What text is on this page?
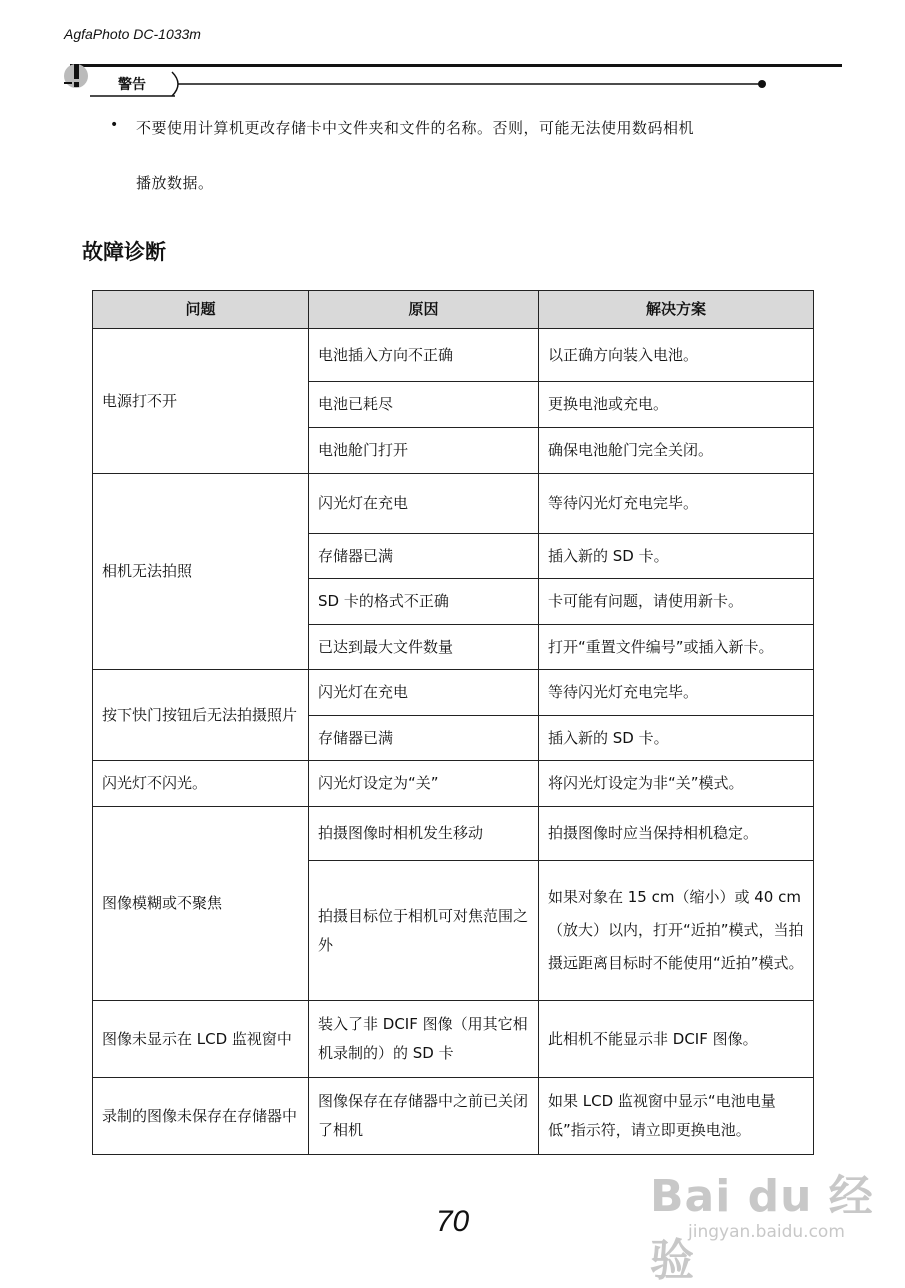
AgfaPhoto DC-1033m
警告
• 不要使用计算机更改存储卡中文件夹和文件的名称。否则，可能无法使用数码相机
播放数据。
故障诊断
问题	原因	解决方案
电源打不开	电池插入方向不正确	以正确方向装入电池。
	电池已耗尽	更换电池或充电。
	电池舱门打开	确保电池舱门完全关闭。
相机无法拍照	闪光灯在充电	等待闪光灯充电完毕。
	存储器已满	插入新的 SD 卡。
	SD 卡的格式不正确	卡可能有问题，请使用新卡。
	已达到最大文件数量	打开“重置文件编号”或插入新卡。
按下快门按钮后无法拍摄照片	闪光灯在充电	等待闪光灯充电完毕。
	存储器已满	插入新的 SD 卡。
闪光灯不闪光。	闪光灯设定为“关”	将闪光灯设定为非“关”模式。
图像模糊或不聚焦	拍摄图像时相机发生移动	拍摄图像时应当保持相机稳定。
	拍摄目标位于相机可对焦范围之外	如果对象在 15 cm（缩小）或 40 cm（放大）以内，打开“近拍”模式，当拍摄远距离目标时不能使用“近拍”模式。
图像未显示在 LCD 监视窗中	装入了非 DCIF 图像（用其它相机录制的）的 SD 卡	此相机不能显示非 DCIF 图像。
录制的图像未保存在存储器中	图像保存在存储器中之前已关闭了相机	如果 LCD 监视窗中显示“电池电量低”指示符，请立即更换电池。
70	Bai du 经验
jingyan.baidu.com
